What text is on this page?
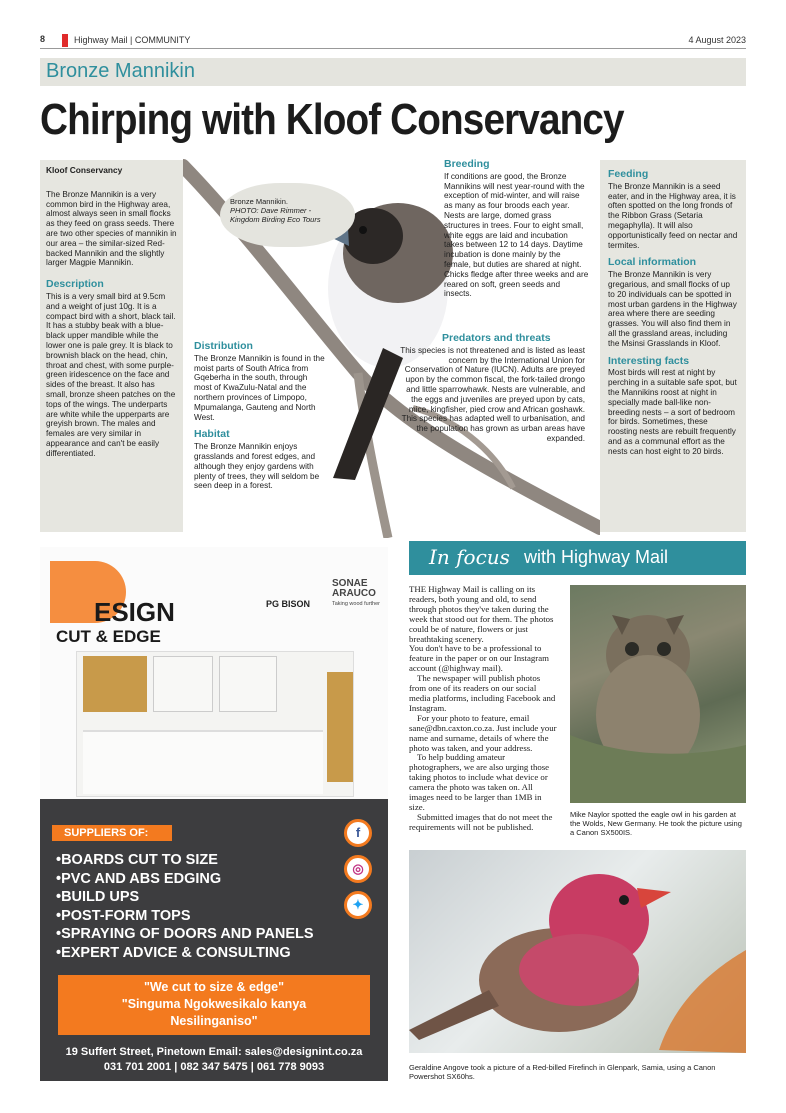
8	Highway Mail | COMMUNITY	4 August 2023
Bronze Mannikin
Chirping with Kloof Conservancy
Kloof Conservancy

The Bronze Mannikin is a very common bird in the Highway area, almost always seen in small flocks as they feed on grass seeds. There are two other species of mannikin in our area – the similar-sized Red-backed Mannikin and the slightly larger Magpie Mannikin.

Description

This is a very small bird at 9.5cm and a weight of just 10g. It is a compact bird with a short, black tail. It has a stubby beak with a blue-black upper mandible while the lower one is pale grey. It is black to brownish black on the head, chin, throat and chest, with some purple-green iridescence on the face and sides of the breast. It also has small, bronze sheen patches on the tops of the wings. The underparts are white while the upperparts are greyish brown. The males and females are very similar in appearance and can't be easily differentiated.

Bronze Mannikin.
PHOTO: Dave Rimmer -
Kingdom Birding Eco Tours
Distribution

The Bronze Mannikin is found in the moist parts of South Africa from Gqeberha in the south, through most of KwaZulu-Natal and the northern provinces of Limpopo, Mpumalanga, Gauteng and North West.

Habitat

The Bronze Mannikin enjoys grasslands and forest edges, and although they enjoy gardens with plenty of trees, they will seldom be seen deep in a forest.

Breeding

If conditions are good, the Bronze Mannikins will nest year-round with the exception of mid-winter, and will raise as many as four broods each year. Nests are large, domed grass structures in trees. Four to eight small, white eggs are laid and incubation takes between 12 to 14 days. Daytime incubation is done mainly by the female, but duties are shared at night. Chicks fledge after three weeks and are reared on soft, green seeds and insects.

Predators and threats

This species is not threatened and is listed as least concern by the International Union for Conservation of Nature (IUCN). Adults are preyed upon by the common fiscal, the fork-tailed drongo and little sparrowhawk. Nests are vulnerable, and the eggs and juveniles are preyed upon by cats, mice, kingfisher, pied crow and African goshawk. This species has adapted well to urbanisation, and the population has grown as urban areas have expanded.

Feeding

The Bronze Mannikin is a seed eater, and in the Highway area, it is often spotted on the long fronds of the Ribbon Grass (Setaria megaphylla). It will also opportunistically feed on nectar and termites.

Local information

The Bronze Mannikin is very gregarious, and small flocks of up to 20 individuals can be spotted in most urban gardens in the Highway area where there are seeding grasses. You will also find them in all the grassland areas, including the Msinsi Grasslands in Kloof.

Interesting facts

Most birds will rest at night by perching in a suitable safe spot, but the Mannikins roost at night in specially made ball-like non-breeding nests – a sort of bedroom for birds. Sometimes, these roosting nests are rebuilt frequently and as a communal effort as the nests can host eight to 20 birds.

ESIGN
CUT & EDGE
PG BISON
SONAE
ARAUCO
Taking wood further
SUPPLIERS OF:
•BOARDS CUT TO SIZE
•PVC AND ABS EDGING
•BUILD UPS
•POST-FORM TOPS
•SPRAYING OF DOORS AND PANELS
•EXPERT ADVICE & CONSULTING
f
◎
✦
"We cut to size & edge"
"Singuma Ngokwesikalo kanya
Nesilinganiso"
19 Suffert Street, Pinetown Email: sales@designint.co.za
031 701 2001 | 082 347 5475 | 061 778 9093
In focus with Highway Mail

THE Highway Mail is calling on its readers, both young and old, to send through photos they've taken during the week that stood out for them. The photos could be of nature, flowers or just breathtaking scenery.

You don't have to be a professional to feature in the paper or on our Instagram account (@highway mail).

The newspaper will publish photos from one of its readers on our social media platforms, including Facebook and Instagram.

For your photo to feature, email sane@dbn.caxton.co.za. Just include your name and surname, details of where the photo was taken, and your address.

To help budding amateur photographers, we are also urging those taking photos to include what device or camera the photo was taken on. All images need to be larger than 1MB in size.

Submitted images that do not meet the requirements will not be published.

Mike Naylor spotted the eagle owl in his garden at the Wolds, New Germany. He took the picture using a Canon SX500IS.
Geraldine Angove took a picture of a Red-billed Firefinch in Glenpark, Samia, using a Canon Powershot SX60hs.
